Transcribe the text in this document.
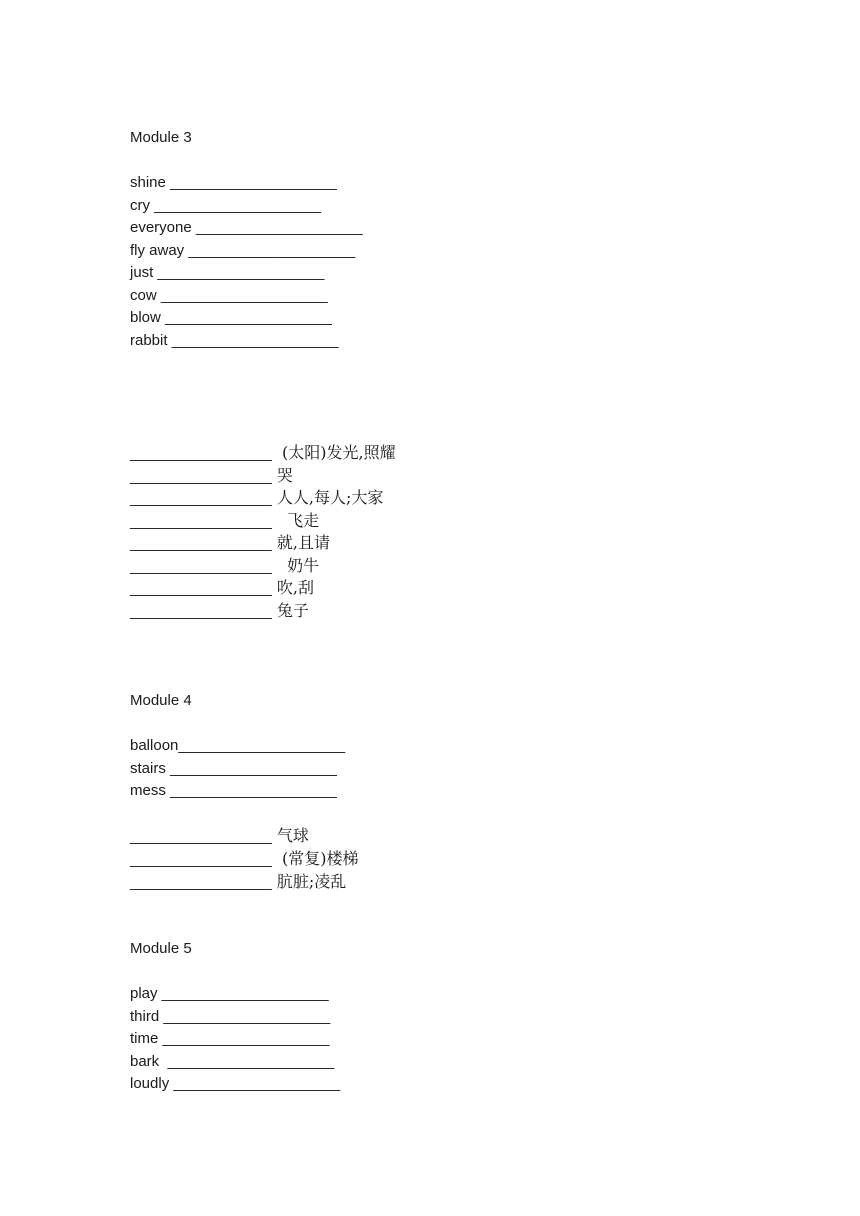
Module 3
shine ____________________
cry ____________________
everyone ____________________
fly away ____________________
just ____________________
cow ____________________
blow ____________________
rabbit ____________________
_________________  (太阳)发光,照耀
_________________ 哭
_________________ 人人,每人;大家
_________________   飞走
_________________ 就,且请
_________________   奶牛
_________________ 吹,刮
_________________ 兔子
Module 4
balloon____________________
stairs ____________________
mess ____________________
_________________ 气球
_________________  (常复)楼梯
_________________ 肮脏;凌乱
Module 5
play ____________________
third ____________________
time ____________________
bark  ____________________
loudly ____________________
